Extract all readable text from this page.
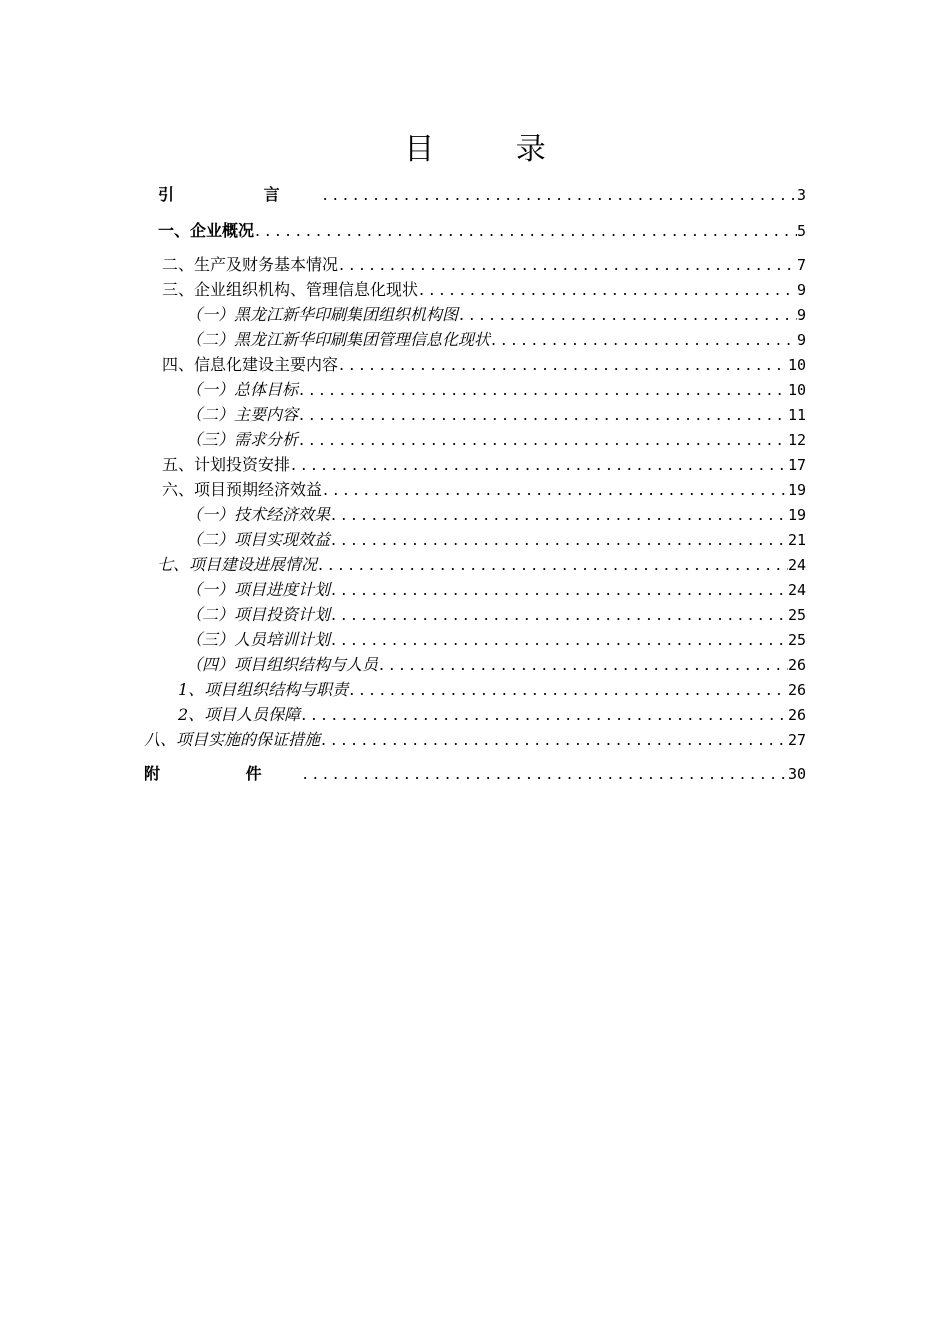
目 录
引 言 . . .	3
一、企业概况 . . .	5
二、生产及财务基本情况 . . .	7
三、企业组织机构、管理信息化现状 . . .	9
（一）黑龙江新华印刷集团组织机构图 . . .	9
（二）黑龙江新华印刷集团管理信息化现状 . . .	9
四、信息化建设主要内容 . . .	10
（一）总体目标 . . .	10
（二）主要内容 . . .	11
（三）需求分析 . . .	12
五、计划投资安排 . . .	17
六、项目预期经济效益 . . .	19
（一）技术经济效果 . . .	19
（二）项目实现效益 . . .	21
七、项目建设进展情况 . . .	24
（一）项目进度计划 . . .	24
（二）项目投资计划 . . .	25
（三）人员培训计划 . . .	25
（四）项目组织结构与人员 . . .	26
1、项目组织结构与职责 . . .	26
2、项目人员保障 . . .	26
八、项目实施的保证措施 . . .	27
附 件 . . .	30
